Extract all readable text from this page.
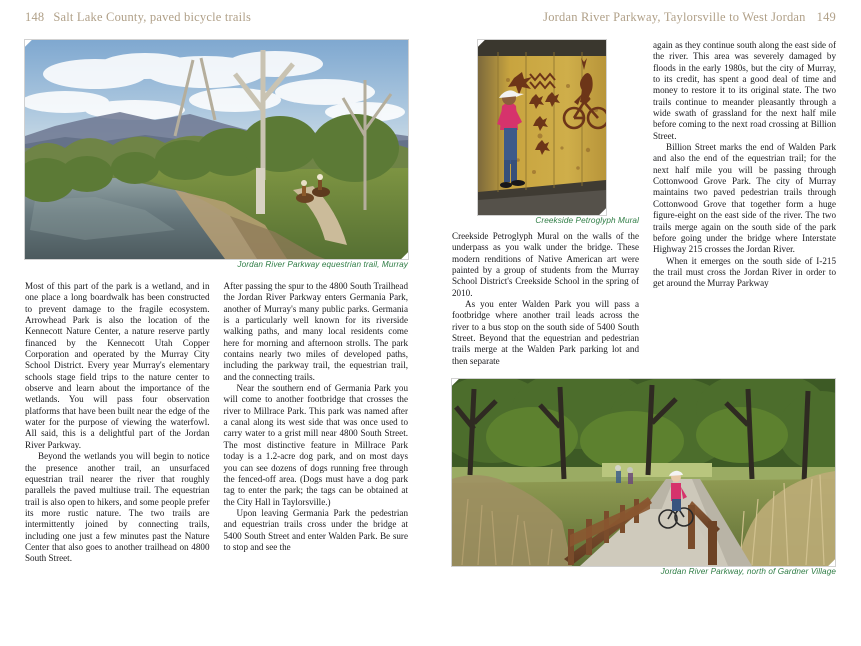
148 Salt Lake County, paved bicycle trails
Jordan River Parkway equestrian trail, Murray

Most of this part of the park is a wetland, and in one place a long boardwalk has been constructed to prevent damage to the fragile ecosystem. Arrowhead Park is also the location of the Kennecott Nature Center, a nature reserve partly financed by the Kennecott Utah Copper Corporation and operated by the Murray City School District. Every year Murray's elementary schools stage field trips to the nature center to observe and learn about the importance of the wetlands. You will pass four observation platforms that have been built near the edge of the water for the purpose of viewing the waterfowl. All said, this is a delightful part of the Jordan River Parkway.

Beyond the wetlands you will begin to notice the presence another trail, an unsurfaced equestrian trail nearer the river that roughly parallels the paved multiuse trail. The equestrian trail is also open to hikers, and some people prefer its more rustic nature. The two trails are intermittently joined by connecting trails, including one just a few minutes past the Nature Center that also goes to another trailhead on 4800 South Street.

After passing the spur to the 4800 South Trailhead the Jordan River Parkway enters Germania Park, another of Murray's many public parks. Germania is a particularly well known for its riverside walking paths, and many local residents come here for morning and afternoon strolls. The park contains nearly two miles of developed paths, including the parkway trail, the equestrian trail, and the connecting trails.

Near the southern end of Germania Park you will come to another footbridge that crosses the river to Millrace Park. This park was named after a canal along its west side that was once used to carry water to a grist mill near 4800 South Street. The most distinctive feature in Millrace Park today is a 1.2-acre dog park, and on most days you can see dozens of dogs running free through the fenced-off area. (Dogs must have a dog park tag to enter the park; the tags can be obtained at the City Hall in Taylorsville.)

Upon leaving Germania Park the pedestrian and equestrian trails cross under the bridge at 5400 South Street and enter Walden Park. Be sure to stop and see the

Jordan River Parkway, Taylorsville to West Jordan 149
Creekside Petroglyph Mural

Creekside Petroglyph Mural on the walls of the underpass as you walk under the bridge. These modern renditions of Native American art were painted by a group of students from the Murray School District's Creekside School in the spring of 2010.

As you enter Walden Park you will pass a footbridge where another trail leads across the river to a bus stop on the south side of 5400 South Street. Beyond that the equestrian and pedestrian trails merge at the Walden Park parking lot and then separate

again as they continue south along the east side of the river. This area was severely damaged by floods in the early 1980s, but the city of Murray, to its credit, has spent a good deal of time and money to restore it to its original state. The two trails continue to meander pleasantly through a wide swath of grassland for the next half mile before coming to the next road crossing at Billion Street.

Billion Street marks the end of Walden Park and also the end of the equestrian trail; for the next half mile you will be passing through Cottonwood Grove Park. The city of Murray maintains two paved pedestrian trails through Cottonwood Grove that together form a huge figure-eight on the east side of the river. The two trails merge again on the south side of the park before going under the bridge where Interstate Highway 215 crosses the Jordan River.

When it emerges on the south side of I-215 the trail must cross the Jordan River in order to get around the Murray Parkway

Jordan River Parkway, north of Gardner Village
